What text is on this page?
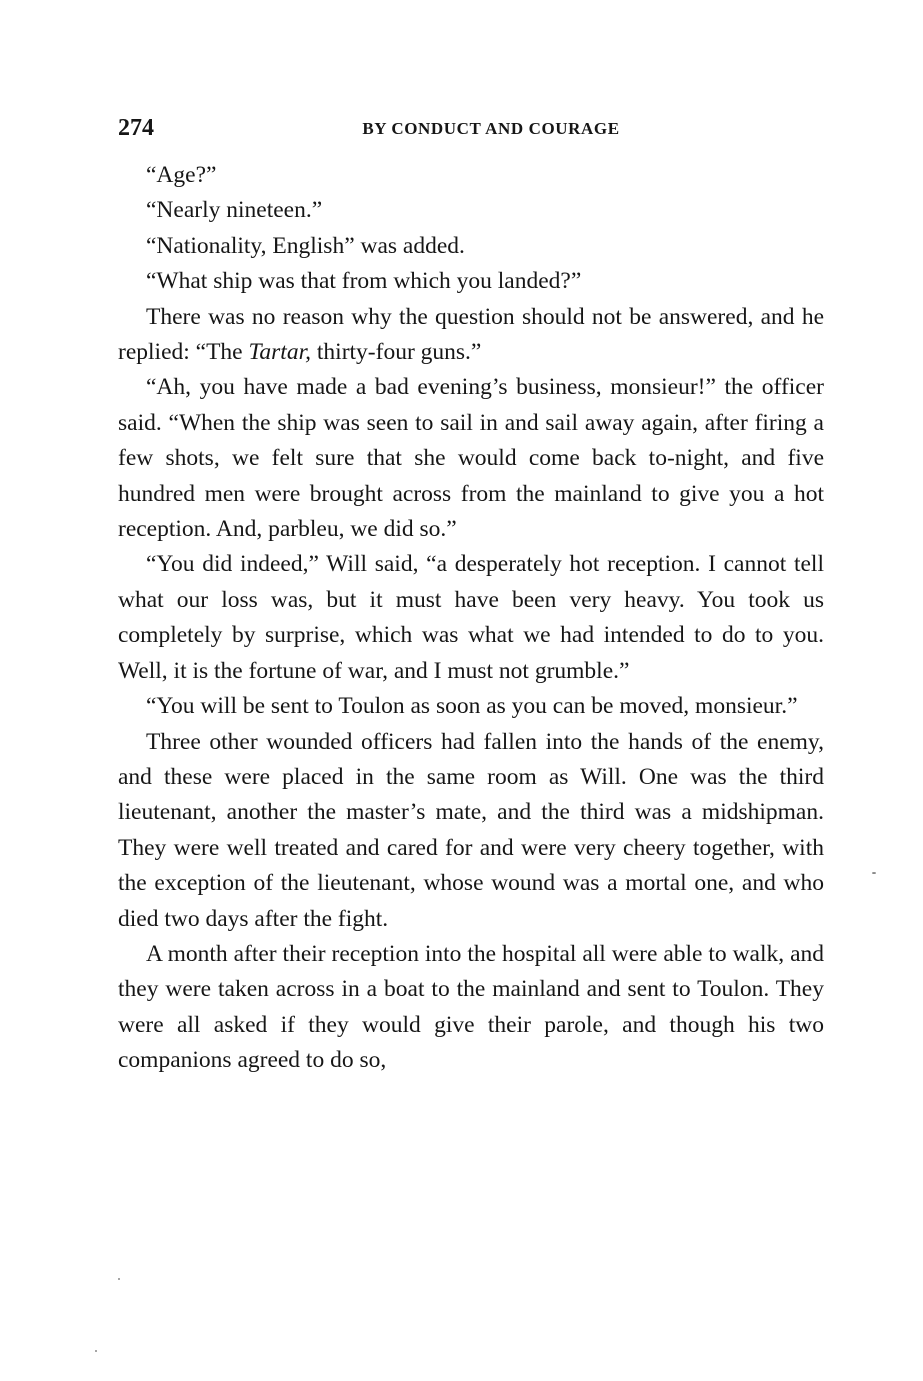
274	BY CONDUCT AND COURAGE

“Age?”

“Nearly nineteen.”

“Nationality, English” was added.

“What ship was that from which you landed?”

There was no reason why the question should not be answered, and he replied: “The Tartar, thirty-four guns.”

“Ah, you have made a bad evening’s business, monsieur!” the officer said. “When the ship was seen to sail in and sail away again, after firing a few shots, we felt sure that she would come back to-night, and five hundred men were brought across from the mainland to give you a hot reception. And, parbleu, we did so.”

“You did indeed,” Will said, “a desperately hot reception. I cannot tell what our loss was, but it must have been very heavy. You took us completely by surprise, which was what we had intended to do to you. Well, it is the fortune of war, and I must not grumble.”

“You will be sent to Toulon as soon as you can be moved, monsieur.”

Three other wounded officers had fallen into the hands of the enemy, and these were placed in the same room as Will. One was the third lieutenant, another the master’s mate, and the third was a midshipman. They were well treated and cared for and were very cheery together, with the exception of the lieutenant, whose wound was a mortal one, and who died two days after the fight.

A month after their reception into the hospital all were able to walk, and they were taken across in a boat to the mainland and sent to Toulon. They were all asked if they would give their parole, and though his two companions agreed to do so,
